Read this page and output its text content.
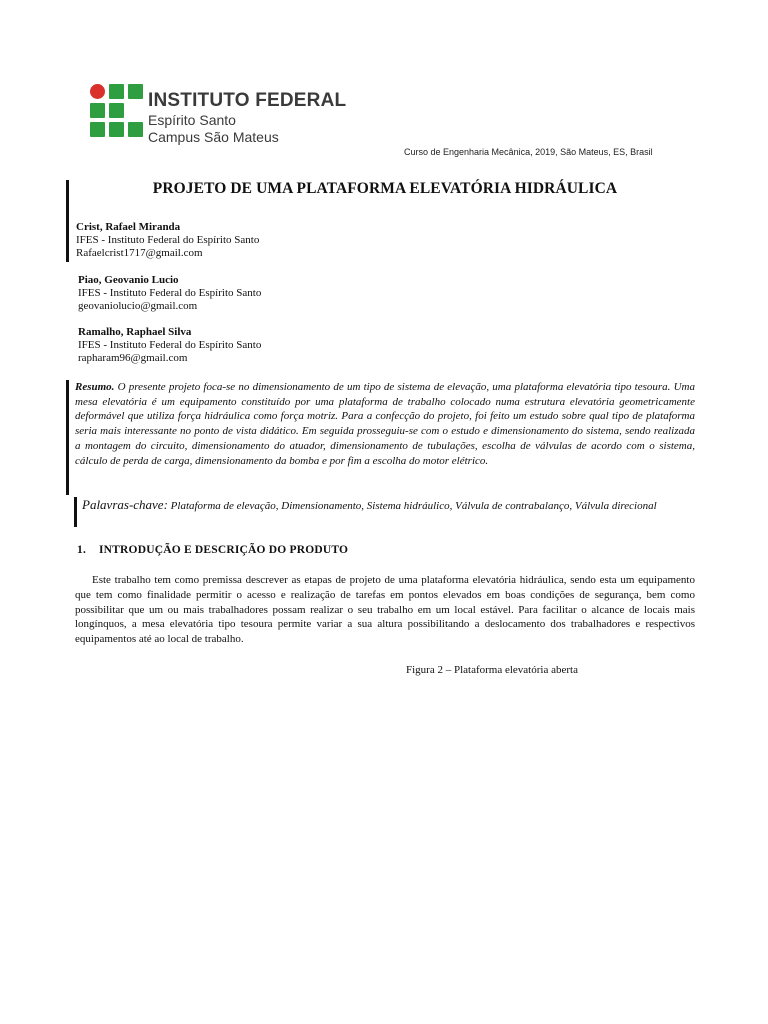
INSTITUTO FEDERAL
Espírito Santo
Campus São Mateus
Curso de Engenharia Mecânica, 2019, São Mateus, ES, Brasil
PROJETO DE UMA PLATAFORMA ELEVATÓRIA HIDRÁULICA
Crist, Rafael Miranda
IFES - Instituto Federal do Espírito Santo
Rafaelcrist1717@gmail.com
Piao, Geovanio Lucio
IFES - Instituto Federal do Espírito Santo
geovaniolucio@gmail.com
Ramalho, Raphael Silva
IFES - Instituto Federal do Espírito Santo
rapharam96@gmail.com
Resumo. O presente projeto foca-se no dimensionamento de um tipo de sistema de elevação, uma plataforma elevatória tipo tesoura. Uma mesa elevatória é um equipamento constituído por uma plataforma de trabalho colocado numa estrutura elevatória geometricamente deformável que utiliza força hidráulica como força motriz. Para a confecção do projeto, foi feito um estudo sobre qual tipo de plataforma seria mais interessante no ponto de vista didático. Em seguida prosseguiu-se com o estudo e dimensionamento do sistema, sendo realizada a montagem do circuito, dimensionamento do atuador, dimensionamento de tubulações, escolha de válvulas de acordo com o sistema, cálculo de perda de carga, dimensionamento da bomba e por fim a escolha do motor elétrico.
Palavras-chave: Plataforma de elevação, Dimensionamento, Sistema hidráulico, Válvula de contrabalanço, Válvula direcional
1. INTRODUÇÃO E DESCRIÇÃO DO PRODUTO
Este trabalho tem como premissa descrever as etapas de projeto de uma plataforma elevatória hidráulica, sendo esta um equipamento que tem como finalidade permitir o acesso e realização de tarefas em pontos elevados em boas condições de segurança, bem como possibilitar que um ou mais trabalhadores possam realizar o seu trabalho em um local estável. Para facilitar o alcance de locais mais longínquos, a mesa elevatória tipo tesoura permite variar a sua altura possibilitando a deslocamento dos trabalhadores e respectivos equipamentos até ao local de trabalho.
Figura 2 – Plataforma elevatória aberta
